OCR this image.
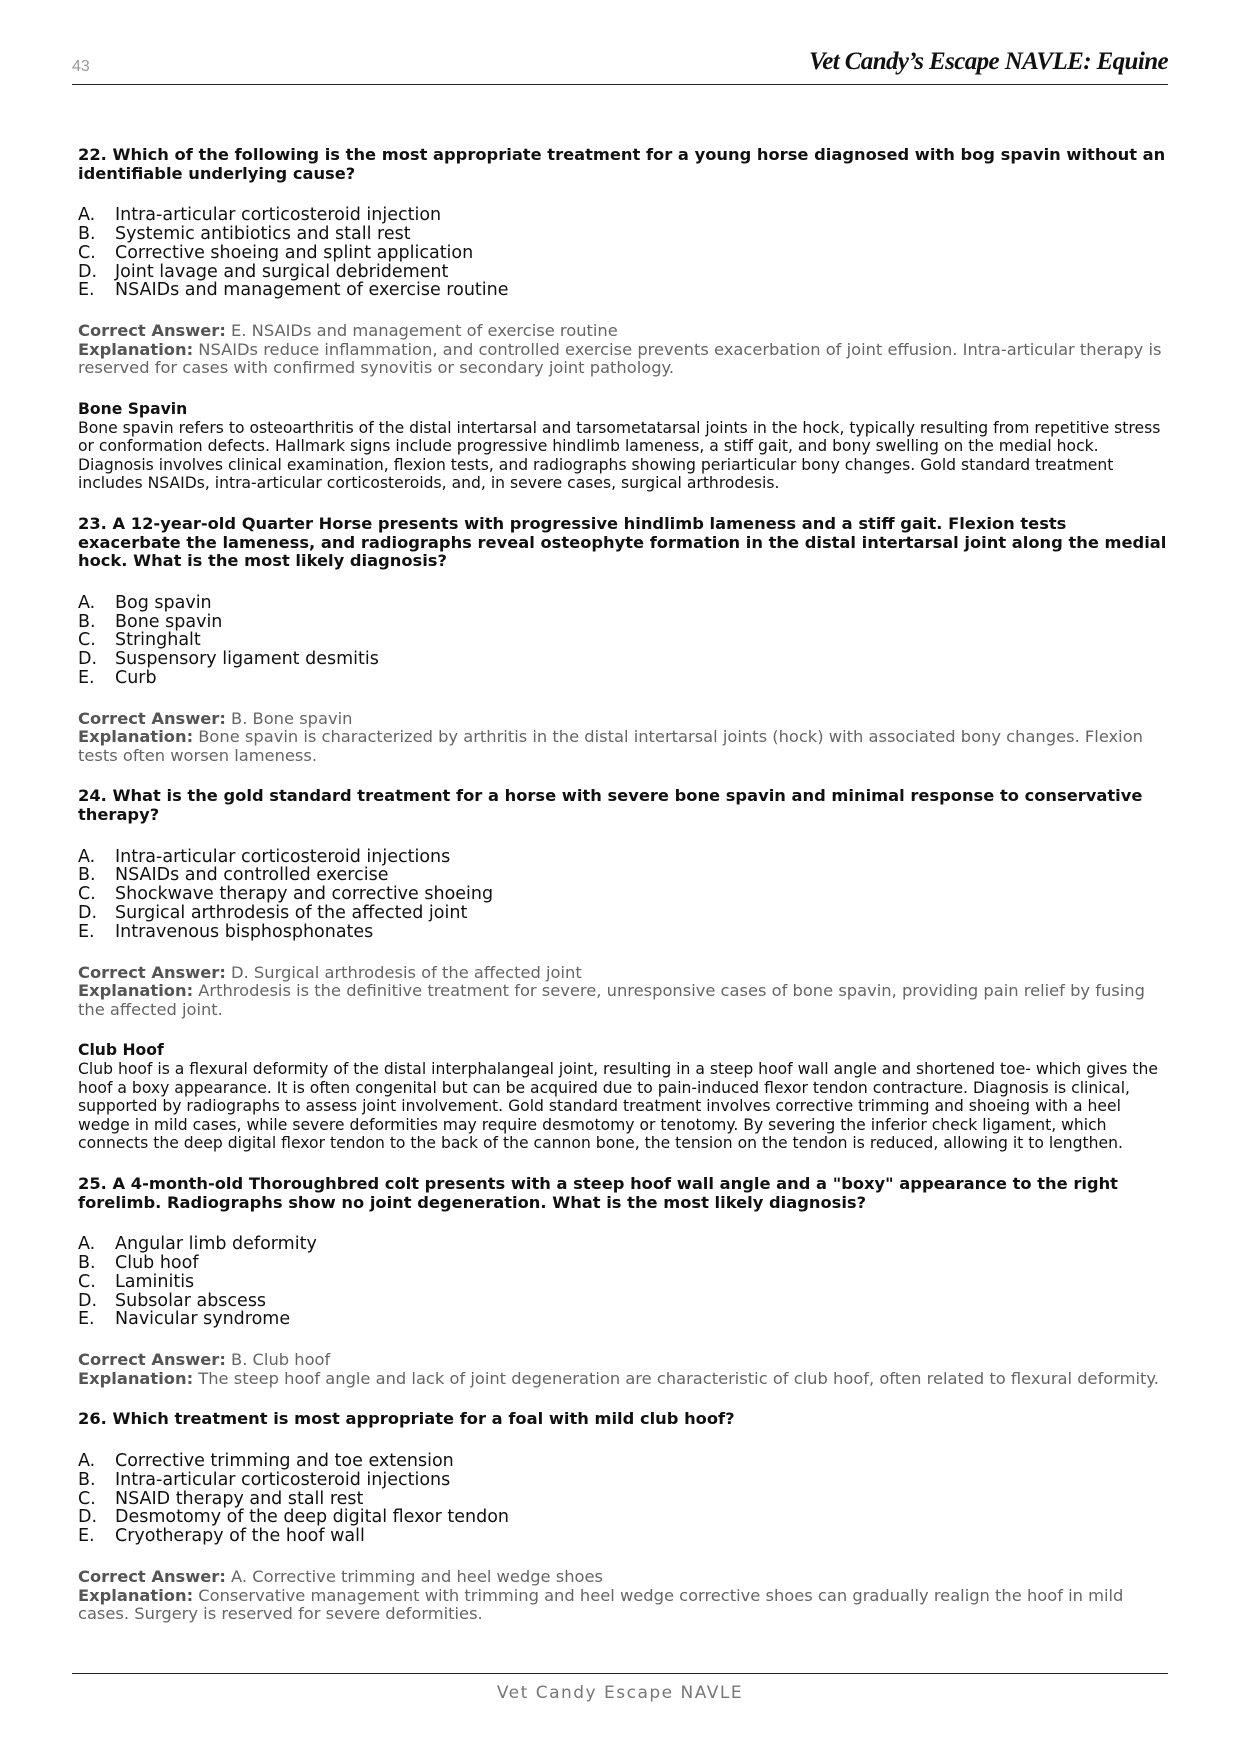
43	Vet Candy’s Escape NAVLE: Equine

22. Which of the following is the most appropriate treatment for a young horse diagnosed with bog spavin without an identifiable underlying cause?

A. Intra-articular corticosteroid injection
B. Systemic antibiotics and stall rest
C. Corrective shoeing and splint application
D. Joint lavage and surgical debridement
E. NSAIDs and management of exercise routine

Correct Answer: E. NSAIDs and management of exercise routine
Explanation: NSAIDs reduce inflammation, and controlled exercise prevents exacerbation of joint effusion. Intra-articular therapy is reserved for cases with confirmed synovitis or secondary joint pathology.

Bone Spavin
Bone spavin refers to osteoarthritis of the distal intertarsal and tarsometatarsal joints in the hock, typically resulting from repetitive stress or conformation defects. Hallmark signs include progressive hindlimb lameness, a stiff gait, and bony swelling on the medial hock. Diagnosis involves clinical examination, flexion tests, and radiographs showing periarticular bony changes. Gold standard treatment includes NSAIDs, intra-articular corticosteroids, and, in severe cases, surgical arthrodesis.

23. A 12-year-old Quarter Horse presents with progressive hindlimb lameness and a stiff gait. Flexion tests exacerbate the lameness, and radiographs reveal osteophyte formation in the distal intertarsal joint along the medial hock. What is the most likely diagnosis?

A. Bog spavin
B. Bone spavin
C. Stringhalt
D. Suspensory ligament desmitis
E. Curb

Correct Answer: B. Bone spavin
Explanation: Bone spavin is characterized by arthritis in the distal intertarsal joints (hock) with associated bony changes. Flexion tests often worsen lameness.

24. What is the gold standard treatment for a horse with severe bone spavin and minimal response to conservative therapy?

A. Intra-articular corticosteroid injections
B. NSAIDs and controlled exercise
C. Shockwave therapy and corrective shoeing
D. Surgical arthrodesis of the affected joint
E. Intravenous bisphosphonates

Correct Answer: D. Surgical arthrodesis of the affected joint
Explanation: Arthrodesis is the definitive treatment for severe, unresponsive cases of bone spavin, providing pain relief by fusing the affected joint.

Club Hoof
Club hoof is a flexural deformity of the distal interphalangeal joint, resulting in a steep hoof wall angle and shortened toe- which gives the hoof a boxy appearance. It is often congenital but can be acquired due to pain-induced flexor tendon contracture. Diagnosis is clinical, supported by radiographs to assess joint involvement. Gold standard treatment involves corrective trimming and shoeing with a heel wedge in mild cases, while severe deformities may require desmotomy or tenotomy. By severing the inferior check ligament, which connects the deep digital flexor tendon to the back of the cannon bone, the tension on the tendon is reduced, allowing it to lengthen.

25. A 4-month-old Thoroughbred colt presents with a steep hoof wall angle and a "boxy" appearance to the right forelimb. Radiographs show no joint degeneration. What is the most likely diagnosis?

A. Angular limb deformity
B. Club hoof
C. Laminitis
D. Subsolar abscess
E. Navicular syndrome

Correct Answer: B. Club hoof
Explanation: The steep hoof angle and lack of joint degeneration are characteristic of club hoof, often related to flexural deformity.

26. Which treatment is most appropriate for a foal with mild club hoof?

A. Corrective trimming and toe extension
B. Intra-articular corticosteroid injections
C. NSAID therapy and stall rest
D. Desmotomy of the deep digital flexor tendon
E. Cryotherapy of the hoof wall

Correct Answer: A. Corrective trimming and heel wedge shoes
Explanation: Conservative management with trimming and heel wedge corrective shoes can gradually realign the hoof in mild cases. Surgery is reserved for severe deformities.

Vet Candy Escape NAVLE
